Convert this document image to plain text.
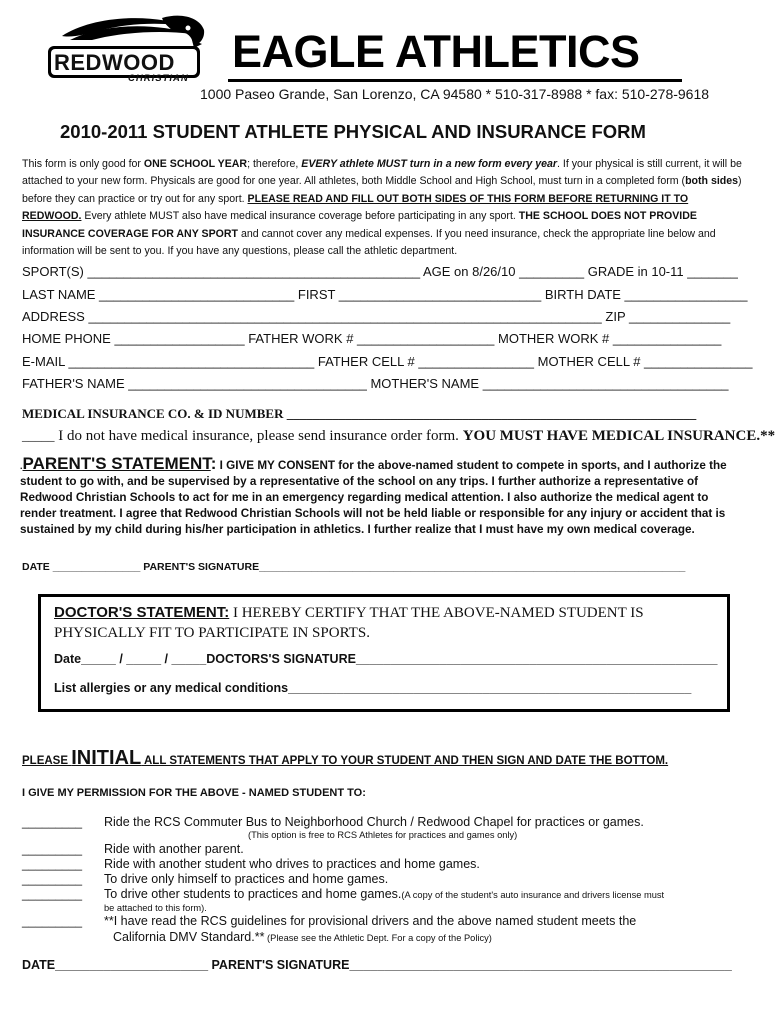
REDWOOD
CHRISTIAN
EAGLE ATHLETICS
1000 Paseo Grande, San Lorenzo, CA 94580 * 510-317-8988 * fax: 510-278-9618
2010-2011 STUDENT ATHLETE PHYSICAL AND INSURANCE FORM
This form is only good for ONE SCHOOL YEAR; therefore, EVERY athlete MUST turn in a new form every year. If your physical is still current, it will be attached to your new form. Physicals are good for one year. All athletes, both Middle School and High School, must turn in a completed form (both sides) before they can practice or try out for any sport. PLEASE READ AND FILL OUT BOTH SIDES OF THIS FORM BEFORE RETURNING IT TO REDWOOD. Every athlete MUST also have medical insurance coverage before participating in any sport. THE SCHOOL DOES NOT PROVIDE INSURANCE COVERAGE FOR ANY SPORT and cannot cover any medical expenses. If you need insurance, check the appropriate line below and information will be sent to you. If you have any questions, please call the athletic department.
SPORT(S) ______________________________________________ AGE on 8/26/10 _________ GRADE in 10-11 _______
LAST NAME ___________________________ FIRST ____________________________ BIRTH DATE _________________
ADDRESS _______________________________________________________________________ ZIP ______________
HOME PHONE __________________ FATHER WORK # ___________________ MOTHER WORK # _______________
E-MAIL __________________________________ FATHER CELL # ________________ MOTHER CELL # _______________
FATHER'S NAME _________________________________ MOTHER'S NAME __________________________________
MEDICAL INSURANCE CO. & ID NUMBER _______________________________________________________________
_____ I do not have medical insurance, please send insurance order form. YOU MUST HAVE MEDICAL INSURANCE.**
.PARENT'S STATEMENT: I GIVE MY CONSENT for the above-named student to compete in sports, and I authorize the student to go with, and be supervised by a representative of the school on any trips. I further authorize a representative of Redwood Christian Schools to act for me in an emergency regarding medical attention. I also authorize the medical agent to render treatment. I agree that Redwood Christian Schools will not be held liable or responsible for any injury or accident that is sustained by my child during his/her participation in athletics. I further realize that I must have my own medical coverage.
DATE _______________ PARENT'S SIGNATURE_________________________________________________________________________
DOCTOR'S STATEMENT: I HEREBY CERTIFY THAT THE ABOVE-NAMED STUDENT IS
PHYSICALLY FIT TO PARTICIPATE IN SPORTS.
Date_____ / _____ / _____DOCTORS'S SIGNATURE____________________________________________________
List allergies or any medical conditions__________________________________________________________
PLEASE INITIAL ALL STATEMENTS THAT APPLY TO YOUR STUDENT AND THEN SIGN AND DATE THE BOTTOM.
I GIVE MY PERMISSION FOR THE ABOVE - NAMED STUDENT TO:
_________ Ride the RCS Commuter Bus to Neighborhood Church / Redwood Chapel for practices or games.
(This option is free to RCS Athletes for practices and games only)
_________ Ride with another parent.
_________ Ride with another student who drives to practices and home games.
_________ To drive only himself to practices and home games.
_________ To drive other students to practices and home games.(A copy of the student's auto insurance and drivers license must
be attached to this form).
_________ **I have read the RCS guidelines for provisional drivers and the above named student meets the
California DMV Standard.** (Please see the Athletic Dept. For a copy of the Policy)
DATE______________________ PARENT'S SIGNATURE_______________________________________________________
